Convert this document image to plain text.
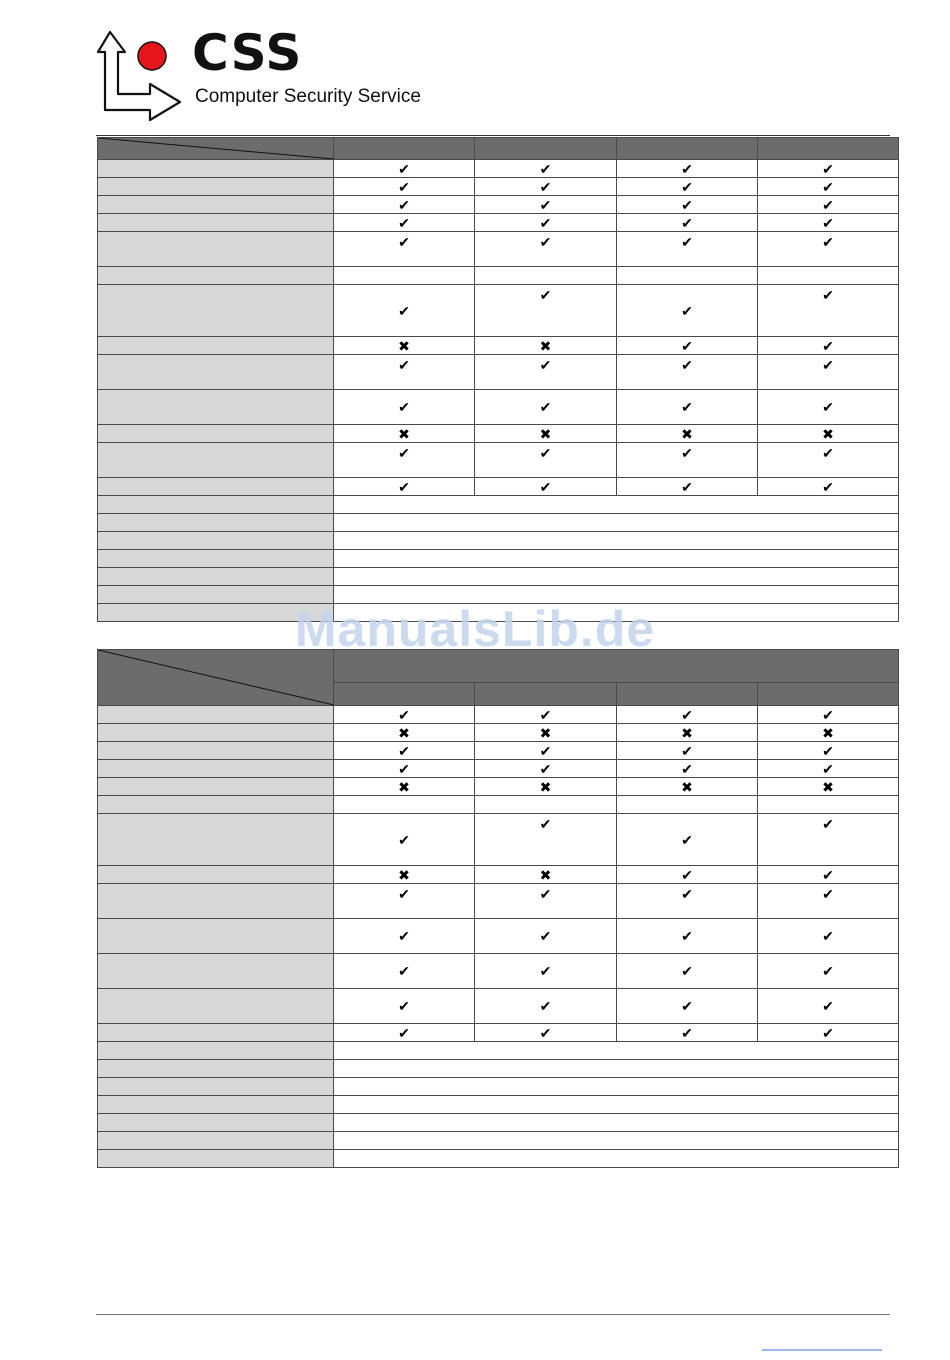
CSS
Computer Security Service

	✔	✔	✔	✔
	✔	✔	✔	✔
	✔	✔	✔	✔
	✔	✔	✔	✔
	✔	✔	✔	✔

	✔	✔	✔	✔
	✖	✖	✔	✔
	✔	✔	✔	✔
	✔	✔	✔	✔
	✖	✖	✖	✖
	✔	✔	✔	✔
	✔	✔	✔	✔

	✔	✔	✔	✔
	✖	✖	✖	✖
	✔	✔	✔	✔
	✔	✔	✔	✔
	✖	✖	✖	✖

	✔	✔	✔	✔
	✖	✖	✔	✔
	✔	✔	✔	✔
	✔	✔	✔	✔
	✔	✔	✔	✔
	✔	✔	✔	✔
	✔	✔	✔	✔

ManualsLib.de
